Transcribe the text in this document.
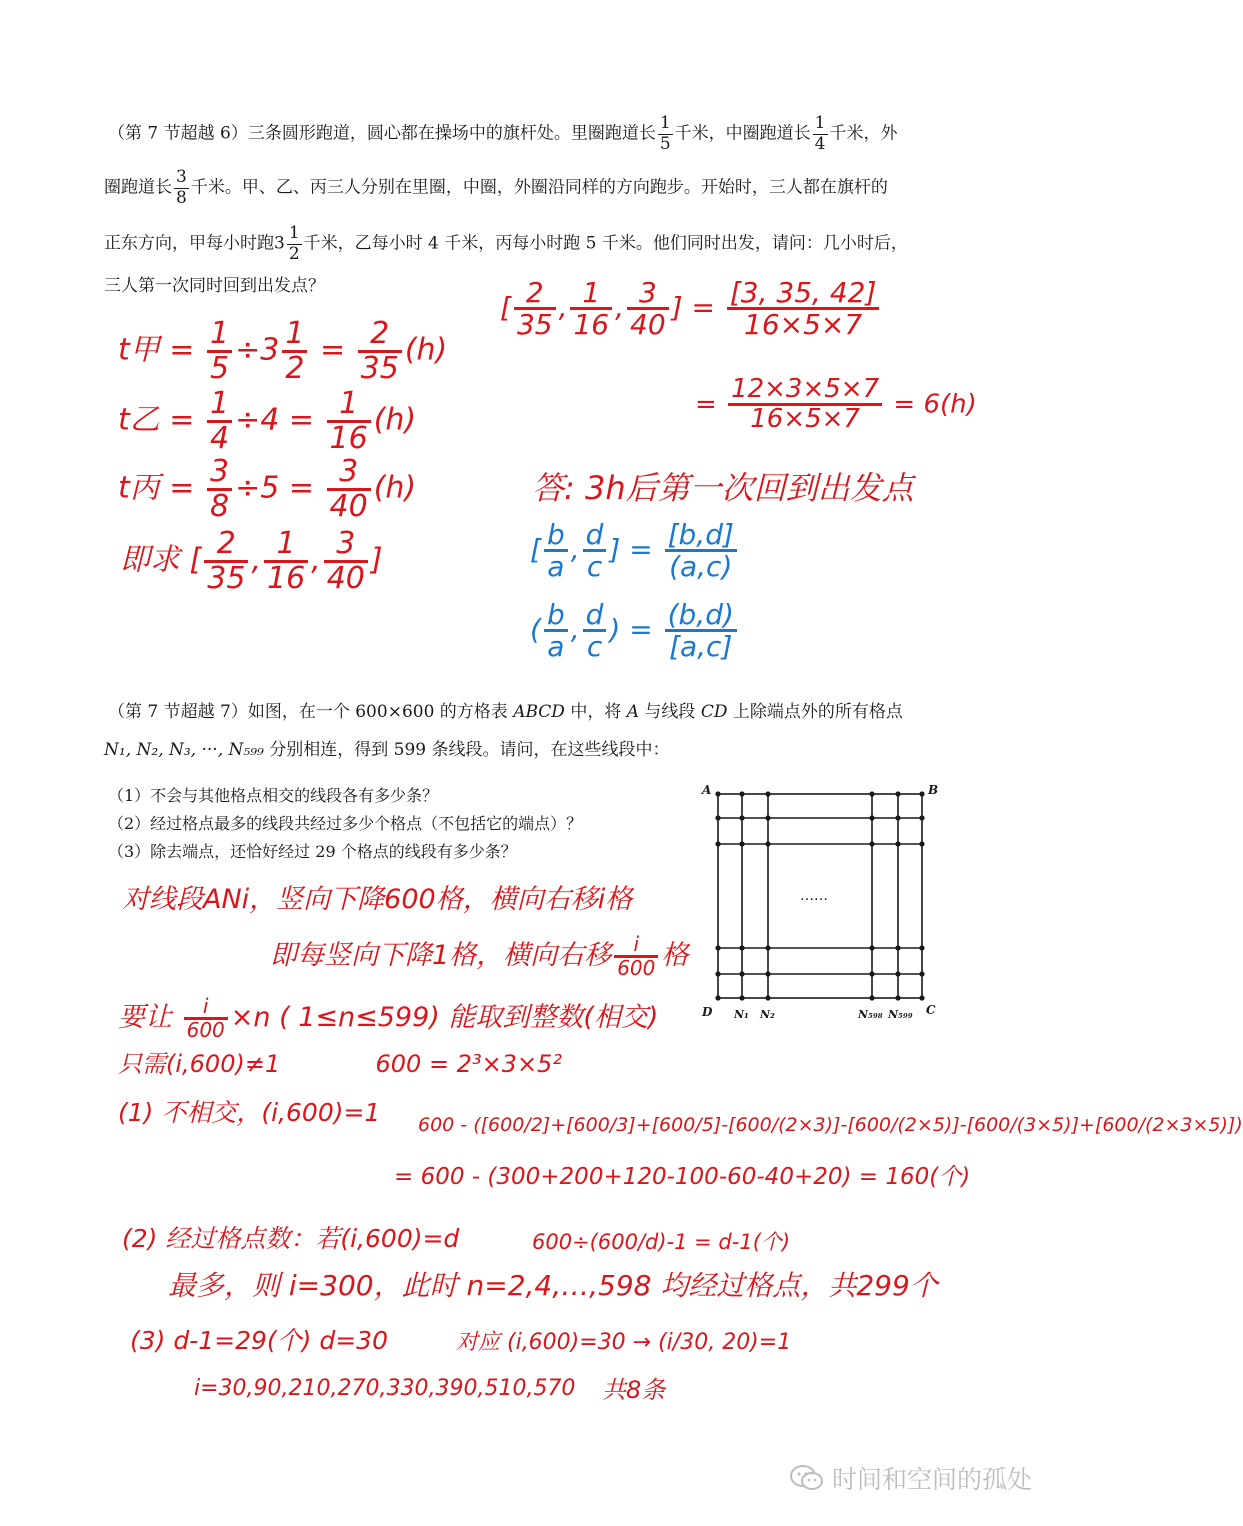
（第 7 节超越 6）三条圆形跑道，圆心都在操场中的旗杆处。里圈跑道长 $\frac{1}{5}$ 千米，中圈跑道长 $\frac{1}{4}$ 千米，外
圈跑道长 $\frac{3}{8}$ 千米。甲、乙、丙三人分别在里圈，中圈，外圈沿同样的方向跑步。开始时，三人都在旗杆的
正东方向，甲每小时跑$3 \frac{1}{2}$ 千米，乙每小时 4 千米，丙每小时跑 5 千米。他们同时出发，请问：几小时后，
三人第一次同时回到出发点？
t甲 = $\frac{1}{5} \div 3 \frac{1}{2} = \frac{2}{35} (h)$
t乙 = $\frac{1}{4} \div 4 = \frac{1}{16} (h)$
t丙 = $\frac{3}{8} \div 5 = \frac{3}{40} (h)$
即求 [ $\frac{2}{35}$ , $\frac{1}{16}$ , $\frac{3}{40}$ ]
[ $\frac{2}{35}$ , $\frac{1}{16}$ , $\frac{3}{40}$ ] = $\frac{[3, 35, 42]}{16\times 5\times 7}$
= $\frac{12\times 3\times 5\times 7}{16\times 5\times 7} = 6(h)$
答: 3h后第一次回到出发点
[ $\frac{b}{a}$ , $\frac{d}{c}$ ] = $\frac{[b,d]}{(a,c)}$
( $\frac{b}{a}$ , $\frac{d}{c}$ ) = $\frac{(b,d)}{[a,c]}$
（第 7 节超越 7）如图，在一个 600×600 的方格表 ABCD 中，将 A 与线段 CD 上除端点外的所有格点
N₁, N₂, N₃, ···, N₅₉₉ 分别相连，得到 599 条线段。请问，在这些线段中：
（1）不会与其他格点相交的线段各有多少条？
（2）经过格点最多的线段共经过多少个格点（不包括它的端点）？
（3）除去端点，还恰好经过 29 个格点的线段有多少条？
A	B
C
D N₁ N₂	N₅₉₈ N₅₉₉
……
对线段ANi，竖向下降600格，横向右移i格
即每竖向下降1格，横向右移 $\frac{i}{600}$ 格
要让 $\frac{i}{600} \times n$ ( 1≤n≤599) 能取到整数(相交)
只需(i,600)≠1	600 = 2³×3×5²
(1) 不相交，(i,600)=1 600 - ([600/2]+[600/3]+[600/5]-[600/(2×3)]-[600/(2×5)]-[600/(3×5)]+[600/(2×3×5)])
= 600 - (300+200+120-100-60-40+20) = 160(个)
(2) 经过格点数：若(i,600)=d	600÷(600/d)-1 = d-1(个)
最多，则 i=300，此时 n=2,4,…,598 均经过格点，共299个
(3) d-1=29(个) d=30	对应 (i,600)=30 → (i/30, 20)=1
i=30,90,210,270,330,390,510,570 共8条
时间和空间的孤处
